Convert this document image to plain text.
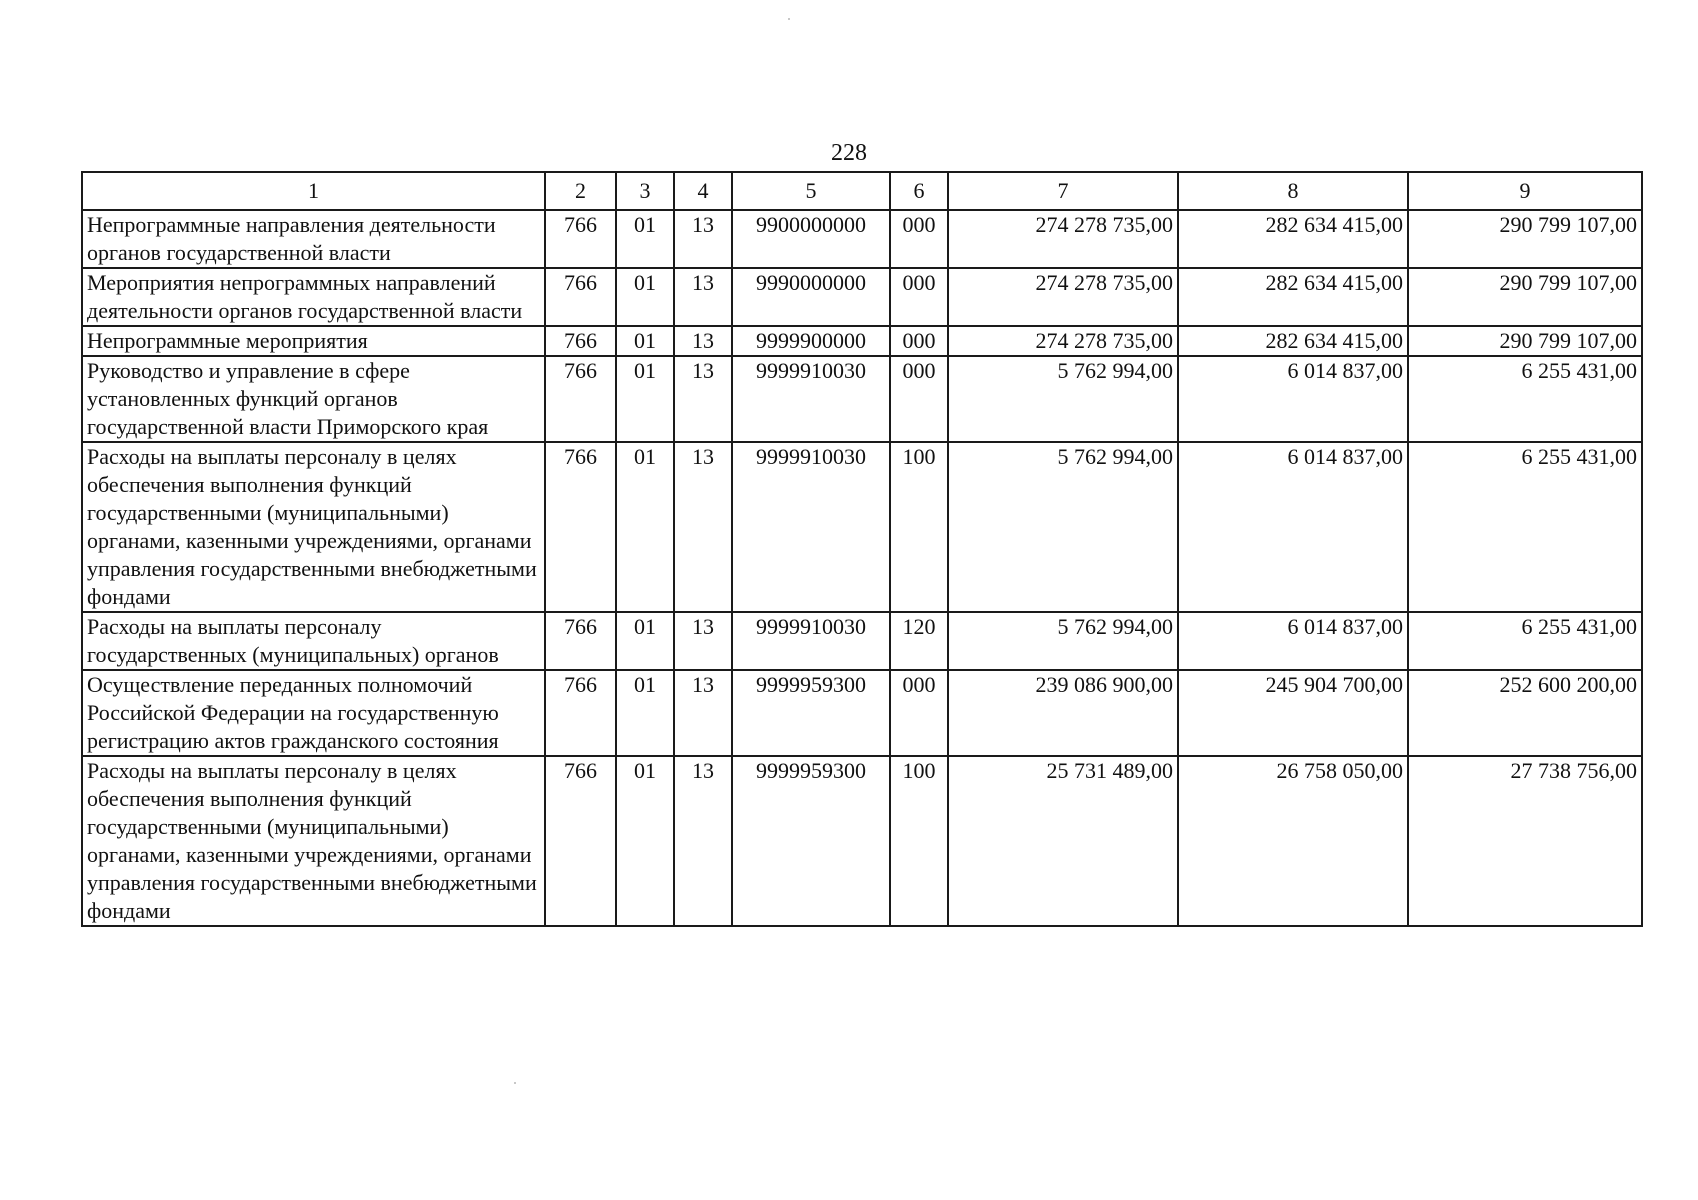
228
1	2	3	4	5	6	7	8	9
Непрограммные направления деятельности органов государственной власти	766	01	13	9900000000	000	274 278 735,00	282 634 415,00	290 799 107,00
Мероприятия непрограммных направлений деятельности органов государственной власти	766	01	13	9990000000	000	274 278 735,00	282 634 415,00	290 799 107,00
Непрограммные мероприятия	766	01	13	9999900000	000	274 278 735,00	282 634 415,00	290 799 107,00
Руководство и управление в сфере установленных функций органов государственной власти Приморского края	766	01	13	9999910030	000	5 762 994,00	6 014 837,00	6 255 431,00
Расходы на выплаты персоналу в целях обеспечения выполнения функций государственными (муниципальными) органами, казенными учреждениями, органами управления государственными внебюджетными фондами	766	01	13	9999910030	100	5 762 994,00	6 014 837,00	6 255 431,00
Расходы на выплаты персоналу государственных (муниципальных) органов	766	01	13	9999910030	120	5 762 994,00	6 014 837,00	6 255 431,00
Осуществление переданных полномочий Российской Федерации на государственную регистрацию актов гражданского состояния	766	01	13	9999959300	000	239 086 900,00	245 904 700,00	252 600 200,00
Расходы на выплаты персоналу в целях обеспечения выполнения функций государственными (муниципальными) органами, казенными учреждениями, органами управления государственными внебюджетными фондами	766	01	13	9999959300	100	25 731 489,00	26 758 050,00	27 738 756,00
